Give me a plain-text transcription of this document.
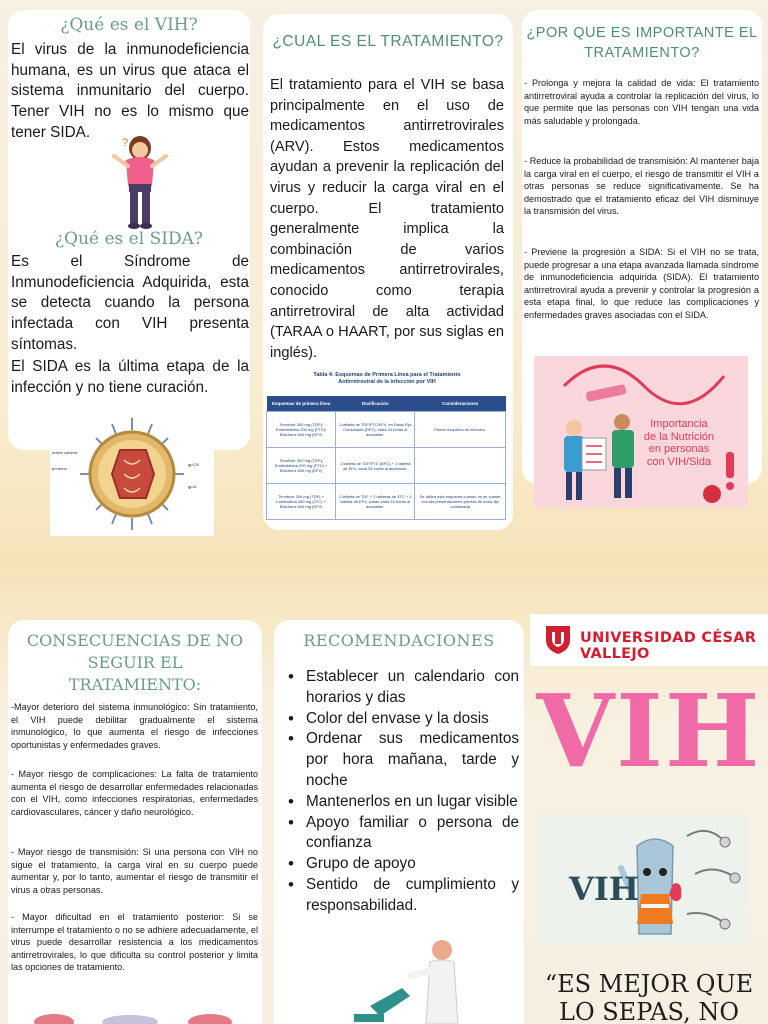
¿Qué es el VIH?
El virus de la inmunodeficiencia humana, es un virus que ataca el sistema inmunitario del cuerpo. Tener VIH no es lo mismo que tener SIDA.
?
¿Qué es el SIDA?
Es el Síndrome de Inmunodeficiencia Adquirida, esta se detecta cuando la persona infectada con VIH presenta síntomas.
El SIDA es la última etapa de la infección y no tiene curación.
matriz cadena
proteína
gp120
gp41
¿CUAL ES EL TRATAMIENTO?
El tratamiento para el VIH se basa principalmente en el uso de medicamentos antirretrovirales (ARV). Estos medicamentos ayudan a prevenir la replicación del virus y reducir la carga viral en el cuerpo. El tratamiento generalmente implica la combinación de varios medicamentos antirretrovirales, conocido como terapia antirretroviral de alta actividad (TARAA o HAART, por sus siglas en inglés).
Tabla 4: Esquemas de Primera Línea para el Tratamiento Antirretroviral de la infección por VIH
Esquemas de primera línea	Dosificación	Consideraciones
Tenofovir 300 mg (TDF)/ Emtricitabina 200 mg (FTC)/ Efavirenz 600 mg (EFV)	1 tableta de TDF/FTC/EFV, en Dosis Fija Combinada (DFC), cada 24 horas al acostarse.	Primer esquema de elección.
Tenofovir 300 mg (TDF)/ Emtricitabina 200 mg (FTC) + Efavirenz 600 mg (EFV)	1 tableta de TDF/FTC (DFC) + 1 tableta de EFV, cada 24 horas al acostarse.	
Tenofovir 300 mg (TDF) + Lamivudina 150 mg (3TC) + Efavirenz 600 mg (EFV)	1 tableta de TDF + 2 tabletas de 3TC + 1 tableta de EFV, juntas cada 24 horas al acostarse.	Se utiliza este esquema cuando no se cuente con las presentaciones previas de dosis fija combinada
¿POR QUE ES IMPORTANTE EL TRATAMIENTO?
- Prolonga y mejora la calidad de vida: El tratamiento antirretroviral ayuda a controlar la replicación del virus, lo que permite que las personas con VIH tengan una vida más saludable y prolongada.
- Reduce la probabilidad de transmisión: Al mantener baja la carga viral en el cuerpo, el riesgo de transmitir el VIH a otras personas se reduce significativamente. Se ha demostrado que el tratamiento eficaz del VIH disminuye la transmisión del virus.
- Previene la progresión a SIDA: Si el VIH no se trata, puede progresar a una etapa avanzada llamada síndrome de inmunodeficiencia adquirida (SIDA). El tratamiento antirretroviral ayuda a prevenir y controlar la progresión a esta etapa final, lo que reduce las complicaciones y enfermedades graves asociadas con el SIDA.
Importancia
de la Nutrición
en personas
con VIH/Sida
CONSECUENCIAS DE NO SEGUIR EL TRATAMIENTO:
-Mayor deterioro del sistema inmunológico: Sin tratamiento, el VIH puede debilitar gradualmente el sistema inmunológico, lo que aumenta el riesgo de infecciones oportunistas y enfermedades graves.
- Mayor riesgo de complicaciones: La falta de tratamiento aumenta el riesgo de desarrollar enfermedades relacionadas con el VIH, como infecciones respiratorias, enfermedades cardiovasculares, cáncer y daño neurológico.
- Mayor riesgo de transmisión: Si una persona con VIH no sigue el tratamiento, la carga viral en su cuerpo puede aumentar y, por lo tanto, aumentar el riesgo de transmitir el virus a otras personas.
- Mayor dificultad en el tratamiento posterior: Si se interrumpe el tratamiento o no se adhiere adecuadamente, el virus puede desarrollar resistencia a los medicamentos antirretrovirales, lo que dificulta su control posterior y limita las opciones de tratamiento.
RECOMENDACIONES
• Establecer un calendario con horarios y dias
• Color del envase y la dosis
• Ordenar sus medicamentos por hora mañana, tarde y noche
• Mantenerlos en un lugar visible
• Apoyo familiar o persona de confianza
• Grupo de apoyo
• Sentido de cumplimiento y responsabilidad.
UNIVERSIDAD CÉSAR VALLEJO
VIH
VIH
“ES MEJOR QUE
LO SEPAS, NO
